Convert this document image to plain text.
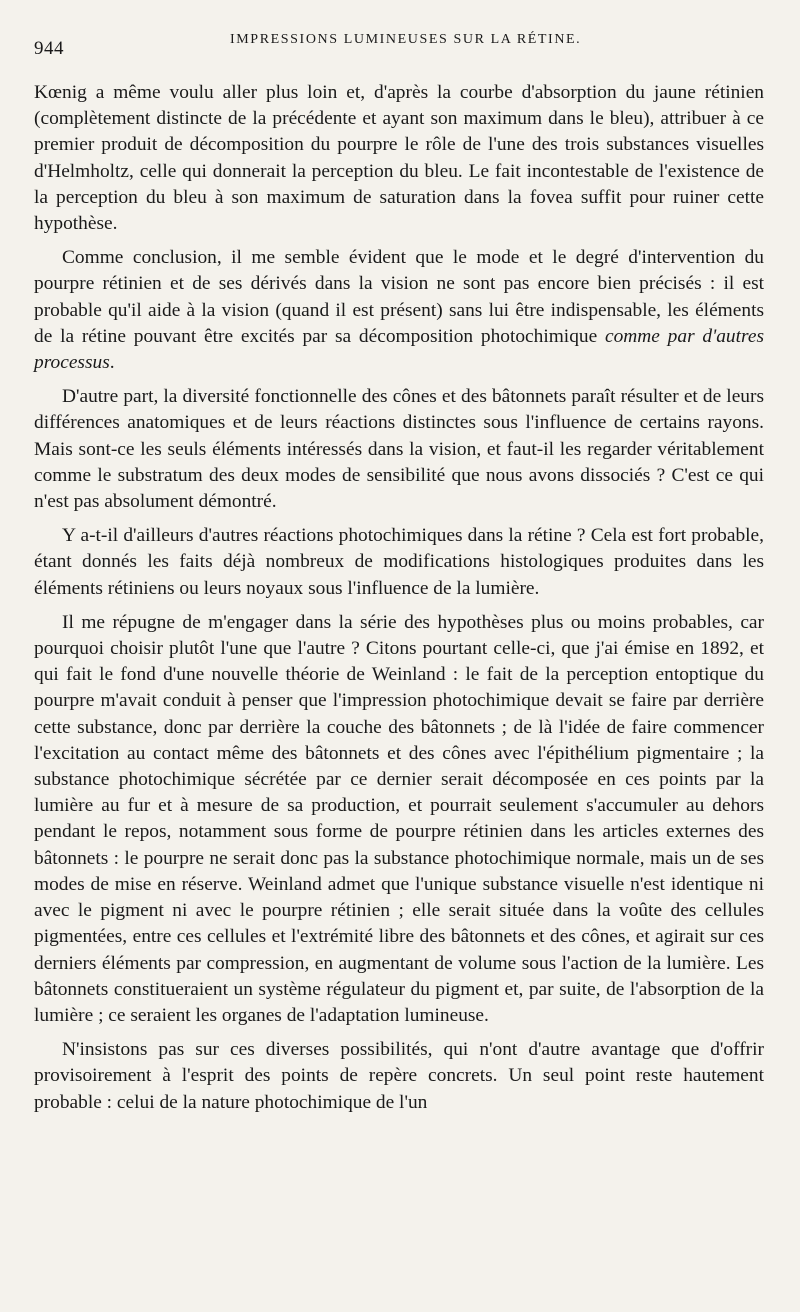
944	IMPRESSIONS LUMINEUSES SUR LA RÉTINE.

Kœnig a même voulu aller plus loin et, d'après la courbe d'absorption du jaune rétinien (complètement distincte de la précédente et ayant son maximum dans le bleu), attribuer à ce premier produit de décomposition du pourpre le rôle de l'une des trois substances visuelles d'Helmholtz, celle qui donnerait la perception du bleu. Le fait incontestable de l'existence de la perception du bleu à son maximum de saturation dans la fovea suffit pour ruiner cette hypothèse.

Comme conclusion, il me semble évident que le mode et le degré d'intervention du pourpre rétinien et de ses dérivés dans la vision ne sont pas encore bien précisés : il est probable qu'il aide à la vision (quand il est présent) sans lui être indispensable, les éléments de la rétine pouvant être excités par sa décomposition photochimique comme par d'autres processus.

D'autre part, la diversité fonctionnelle des cônes et des bâtonnets paraît résulter et de leurs différences anatomiques et de leurs réactions distinctes sous l'influence de certains rayons. Mais sont-ce les seuls éléments intéressés dans la vision, et faut-il les regarder véritablement comme le substratum des deux modes de sensibilité que nous avons dissociés ? C'est ce qui n'est pas absolument démontré.

Y a-t-il d'ailleurs d'autres réactions photochimiques dans la rétine ? Cela est fort probable, étant donnés les faits déjà nombreux de modifications histologiques produites dans les éléments rétiniens ou leurs noyaux sous l'influence de la lumière.

Il me répugne de m'engager dans la série des hypothèses plus ou moins probables, car pourquoi choisir plutôt l'une que l'autre ? Citons pourtant celle-ci, que j'ai émise en 1892, et qui fait le fond d'une nouvelle théorie de Weinland : le fait de la perception entoptique du pourpre m'avait conduit à penser que l'impression photochimique devait se faire par derrière cette substance, donc par derrière la couche des bâtonnets ; de là l'idée de faire commencer l'excitation au contact même des bâtonnets et des cônes avec l'épithélium pigmentaire ; la substance photochimique sécrétée par ce dernier serait décomposée en ces points par la lumière au fur et à mesure de sa production, et pourrait seulement s'accumuler au dehors pendant le repos, notamment sous forme de pourpre rétinien dans les articles externes des bâtonnets : le pourpre ne serait donc pas la substance photochimique normale, mais un de ses modes de mise en réserve. Weinland admet que l'unique substance visuelle n'est identique ni avec le pigment ni avec le pourpre rétinien ; elle serait située dans la voûte des cellules pigmentées, entre ces cellules et l'extrémité libre des bâtonnets et des cônes, et agirait sur ces derniers éléments par compression, en augmentant de volume sous l'action de la lumière. Les bâtonnets constitueraient un système régulateur du pigment et, par suite, de l'absorption de la lumière ; ce seraient les organes de l'adaptation lumineuse.

N'insistons pas sur ces diverses possibilités, qui n'ont d'autre avantage que d'offrir provisoirement à l'esprit des points de repère concrets. Un seul point reste hautement probable : celui de la nature photochimique de l'un
